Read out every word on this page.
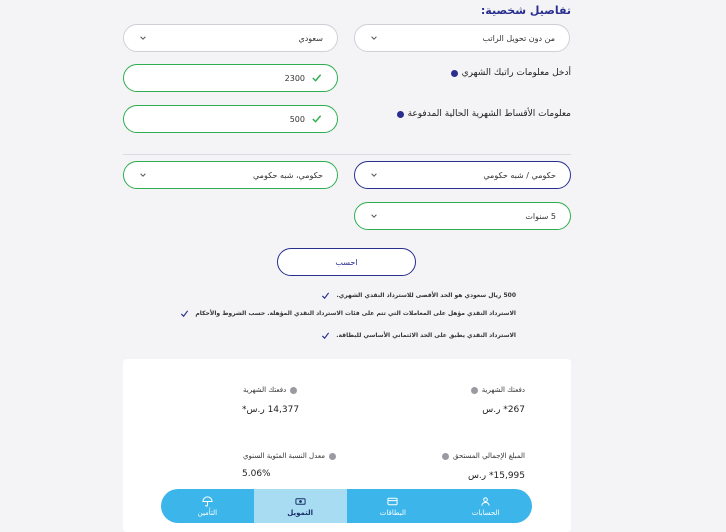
تفاصيل شخصية:
سعودي	من دون تحويل الراتب
أدخل معلومات راتبك الشهري
2300
معلومات الأقساط الشهرية الحالية المدفوعة
500
حكومي، شبه حكومي	حكومي / شبه حكومي
5 سنوات
احسب
500 ريال سعودي هو الحد الأقصى للاسترداد النقدي الشهري.
الاسترداد النقدي مؤهل على المعاملات التي تتم على فئات الاسترداد النقدي المؤهلة. حسب الشروط والأحكام
الاسترداد النقدي يطبق على الحد الائتماني الأساسي للبطاقة.
دفعتك الشهرية
267* ر.س
دفعتك الشهرية
14,377 ر.س*
المبلغ الإجمالي المستحق
15,995* ر.س
معدل النسبة المئوية السنوي
5.06%
التأمين	التمويل	البطاقات	الحسابات
